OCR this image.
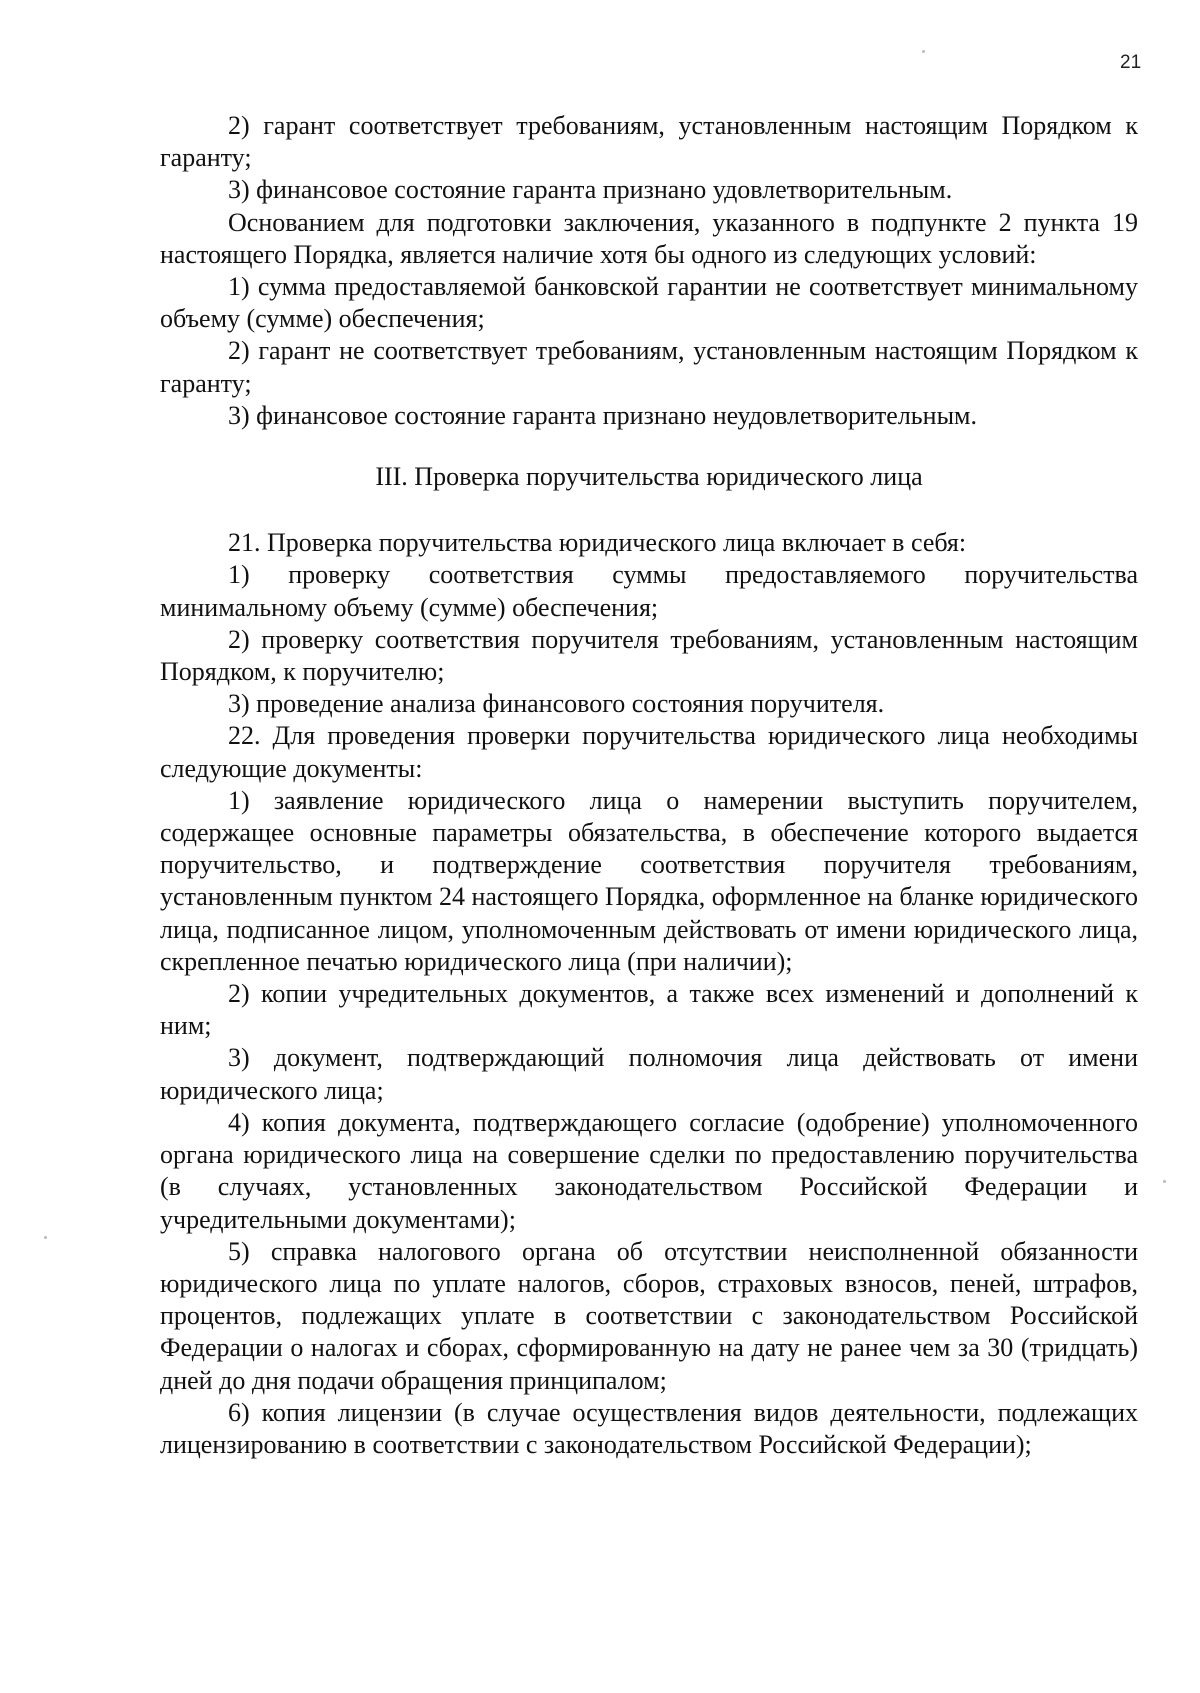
21

2) гарант соответствует требованиям, установленным настоящим Порядком к гаранту;

3) финансовое состояние гаранта признано удовлетворительным.

Основанием для подготовки заключения, указанного в подпункте 2 пункта 19 настоящего Порядка, является наличие хотя бы одного из следующих условий:

1) сумма предоставляемой банковской гарантии не соответствует минимальному объему (сумме) обеспечения;

2) гарант не соответствует требованиям, установленным настоящим Порядком к гаранту;

3) финансовое состояние гаранта признано неудовлетворительным.

III. Проверка поручительства юридического лица

21. Проверка поручительства юридического лица включает в себя:

1) проверку соответствия суммы предоставляемого поручительства минимальному объему (сумме) обеспечения;

2) проверку соответствия поручителя требованиям, установленным настоящим Порядком, к поручителю;

3) проведение анализа финансового состояния поручителя.

22. Для проведения проверки поручительства юридического лица необходимы следующие документы:

1) заявление юридического лица о намерении выступить поручителем, содержащее основные параметры обязательства, в обеспечение которого выдается поручительство, и подтверждение соответствия поручителя требованиям, установленным пунктом 24 настоящего Порядка, оформленное на бланке юридического лица, подписанное лицом, уполномоченным действовать от имени юридического лица, скрепленное печатью юридического лица (при наличии);

2) копии учредительных документов, а также всех изменений и дополнений к ним;

3) документ, подтверждающий полномочия лица действовать от имени юридического лица;

4) копия документа, подтверждающего согласие (одобрение) уполномоченного органа юридического лица на совершение сделки по предоставлению поручительства (в случаях, установленных законодательством Российской Федерации и учредительными документами);

5) справка налогового органа об отсутствии неисполненной обязанности юридического лица по уплате налогов, сборов, страховых взносов, пеней, штрафов, процентов, подлежащих уплате в соответствии с законодательством Российской Федерации о налогах и сборах, сформированную на дату не ранее чем за 30 (тридцать) дней до дня подачи обращения принципалом;

6) копия лицензии (в случае осуществления видов деятельности, подлежащих лицензированию в соответствии с законодательством Российской Федерации);
